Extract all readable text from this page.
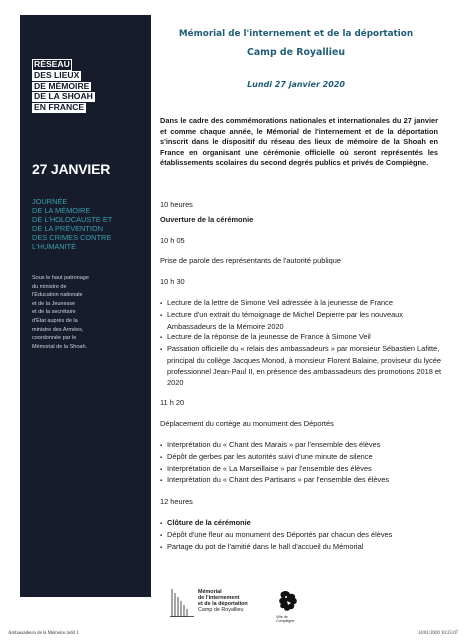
RÉSEAU
DES LIEUX
DE MÉMOIRE
DE LA SHOAH
EN FRANCE
27 JANVIER
JOURNÉE
DE LA MÉMOIRE
DE L'HOLOCAUSTE ET
DE LA PRÉVENTION
DES CRIMES CONTRE
L'HUMANITÉ
Sous le haut patronage
du ministre de
l'Éducation nationale
et de la Jeunesse
et de la secrétaire
d'État auprès de la
ministre des Armées,
coordonnée par le
Mémorial de la Shoah.
Mémorial de l'internement et de la déportation
Camp de Royallieu
Lundi 27 janvier 2020
Dans le cadre des commémorations nationales et internationales du 27 janvier et comme chaque année, le Mémorial de l'internement et de la déportation s'inscrit dans le dispositif du réseau des lieux de mémoire de la Shoah en France en organisant une cérémonie officielle où seront représentés les établissements scolaires du second degrés publics et privés de Compiègne.

10 heures

Ouverture de la cérémonie

10 h 05

Prise de parole des représentants de l'autorité publique

10 h 30

▪ Lecture de la lettre de Simone Veil adressée à la jeunesse de France
▪ Lecture d'un extrait du témoignage de Michel Depierre par les nouveaux Ambassadeurs de la Mémoire 2020
▪ Lecture de la réponse de la jeunesse de France à Simone Veil
▪ Passation officielle du « relais des ambassadeurs » par monsieur Sébastien Lafitte, principal du collège Jacques Monod, à monsieur Florent Balaine, proviseur du lycée professionnel Jean-Paul II, en présence des ambassadeurs des promotions 2018 et 2020

11 h 20

Déplacement du cortège au monument des Déportés

▪ Interprétation du « Chant des Marais » par l'ensemble des élèves
▪ Dépôt de gerbes par les autorités suivi d'une minute de silence
▪ Interprétation de « La Marseillaise » par l'ensemble des élèves
▪ Interprétation du « Chant des Partisans » par l'ensemble des élèves

12 heures

▪ Clôture de la cérémonie
▪ Dépôt d'une fleur au monument des Déportés par chacun des élèves
▪ Partage du pot de l'amitié dans le hall d'accueil du Mémorial
Mémorial
de l'internement
et de la déportation
Camp de Royallieu
Ville de
Compiègne
Ambassadeurs de la Mémoire.indd 3	14/01/2020 10:25:07
